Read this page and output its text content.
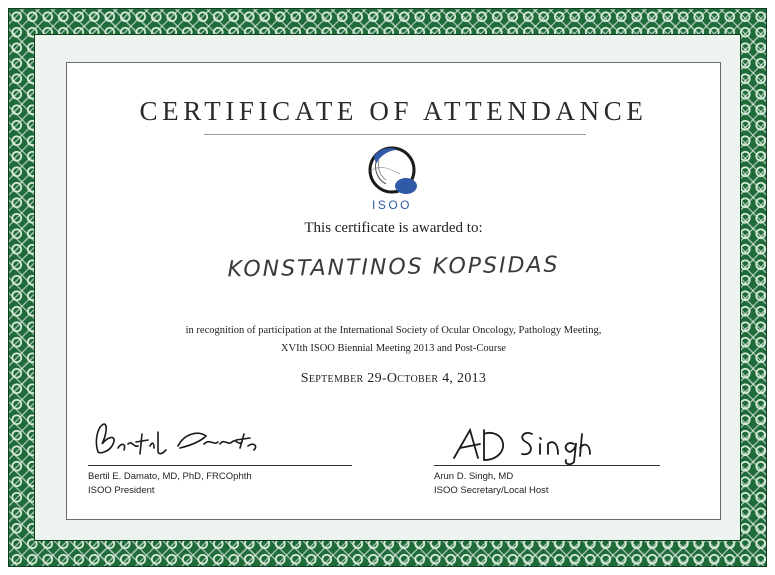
CERTIFICATE OF ATTENDANCE
ISOO
This certificate is awarded to:
KONSTANTINOS KOPSIDAS
in recognition of participation at the International Society of Ocular Oncology, Pathology Meeting,
XVIth ISOO Biennial Meeting 2013 and Post-Course
September 29-October 4, 2013
Bertil E. Damato, MD, PhD, FRCOphth
ISOO President
Arun D. Singh, MD
ISOO Secretary/Local Host
